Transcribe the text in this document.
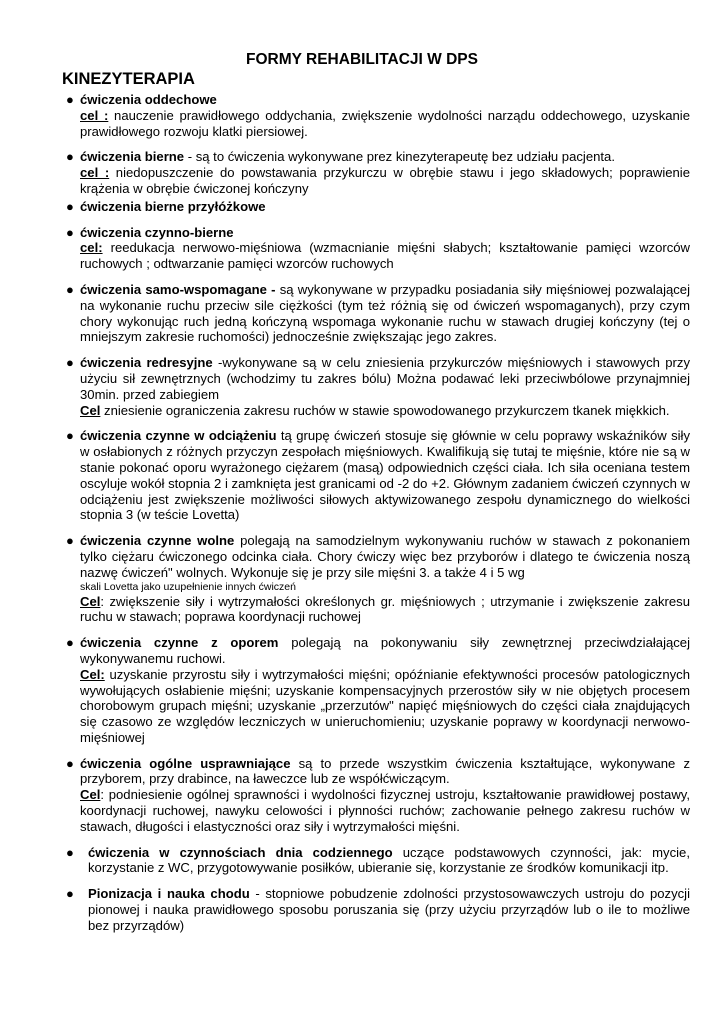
FORMY REHABILITACJI W DPS
KINEZYTERAPIA
● ćwiczenia oddechowe

cel : nauczenie prawidłowego oddychania, zwiększenie wydolności narządu oddechowego, uzyskanie prawidłowego rozwoju klatki piersiowej.

● ćwiczenia bierne - są to ćwiczenia wykonywane prez kinezyterapeutę bez udziału pacjenta.

cel : niedopuszczenie do powstawania przykurczu w obrębie stawu i jego składowych; poprawienie krążenia w obrębie ćwiczonej kończyny

● ćwiczenia bierne przyłóżkowe

● ćwiczenia czynno-bierne

cel: reedukacja nerwowo-mięśniowa (wzmacnianie mięśni słabych; kształtowanie pamięci wzorców ruchowych ; odtwarzanie pamięci wzorców ruchowych

● ćwiczenia samo-wspomagane - są wykonywane w przypadku posiadania siły mięśniowej pozwalającej na wykonanie ruchu przeciw sile ciężkości (tym też różnią się od ćwiczeń wspomaganych), przy czym chory wykonując ruch jedną kończyną wspomaga wykonanie ruchu w stawach drugiej kończyny (tej o mniejszym zakresie ruchomości) jednocześnie zwiększając jego zakres.

● ćwiczenia redresyjne -wykonywane są w celu zniesienia przykurczów mięśniowych i stawowych przy użyciu sił zewnętrznych (wchodzimy tu zakres bólu) Można podawać leki przeciwbólowe przynajmniej 30min. przed zabiegiem

Cel zniesienie ograniczenia zakresu ruchów w stawie spowodowanego przykurczem tkanek miękkich.

● ćwiczenia czynne w odciążeniu tą grupę ćwiczeń stosuje się głównie w celu poprawy wskaźników siły w osłabionych z różnych przyczyn zespołach mięśniowych. Kwalifikują się tutaj te mięśnie, które nie są w stanie pokonać oporu wyrażonego ciężarem (masą) odpowiednich części ciała. Ich siła oceniana testem oscyluje wokół stopnia 2 i zamknięta jest granicami od -2 do +2. Głównym zadaniem ćwiczeń czynnych w odciążeniu jest zwiększenie możliwości siłowych aktywizowanego zespołu dynamicznego do wielkości stopnia 3 (w teście Lovetta)

● ćwiczenia czynne wolne polegają na samodzielnym wykonywaniu ruchów w stawach z pokonaniem tylko ciężaru ćwiczonego odcinka ciała. Chory ćwiczy więc bez przyborów i dlatego te ćwiczenia noszą nazwę ćwiczeń" wolnych. Wykonuje się je przy sile mięśni 3. a także 4 i 5 wg

skali Lovetta jako uzupełnienie innych ćwiczeń

Cel: zwiększenie siły i wytrzymałości określonych gr. mięśniowych ; utrzymanie i zwiększenie zakresu ruchu w stawach; poprawa koordynacji ruchowej

● ćwiczenia czynne z oporem polegają na pokonywaniu siły zewnętrznej przeciwdziałającej wykonywanemu ruchowi.

Cel: uzyskanie przyrostu siły i wytrzymałości mięśni; opóźnianie efektywności procesów patologicznych wywołujących osłabienie mięśni; uzyskanie kompensacyjnych przerostów siły w nie objętych procesem chorobowym grupach mięśni; uzyskanie „przerzutów" napięć mięśniowych do części ciała znajdujących się czasowo ze względów leczniczych w unieruchomieniu; uzyskanie poprawy w koordynacji nerwowo-mięśniowej

● ćwiczenia ogólne usprawniające są to przede wszystkim ćwiczenia kształtujące, wykonywane z przyborem, przy drabince, na ławeczce lub ze współćwiczącym.

Cel: podniesienie ogólnej sprawności i wydolności fizycznej ustroju, kształtowanie prawidłowej postawy, koordynacji ruchowej, nawyku celowości i płynności ruchów; zachowanie pełnego zakresu ruchów w stawach, długości i elastyczności oraz siły i wytrzymałości mięśni.

● ćwiczenia w czynnościach dnia codziennego uczące podstawowych czynności, jak: mycie, korzystanie z WC, przygotowywanie posiłków, ubieranie się, korzystanie ze środków komunikacji itp.

● Pionizacja i nauka chodu - stopniowe pobudzenie zdolności przystosowawczych ustroju do pozycji pionowej i nauka prawidłowego sposobu poruszania się (przy użyciu przyrządów lub o ile to możliwe bez przyrządów)
